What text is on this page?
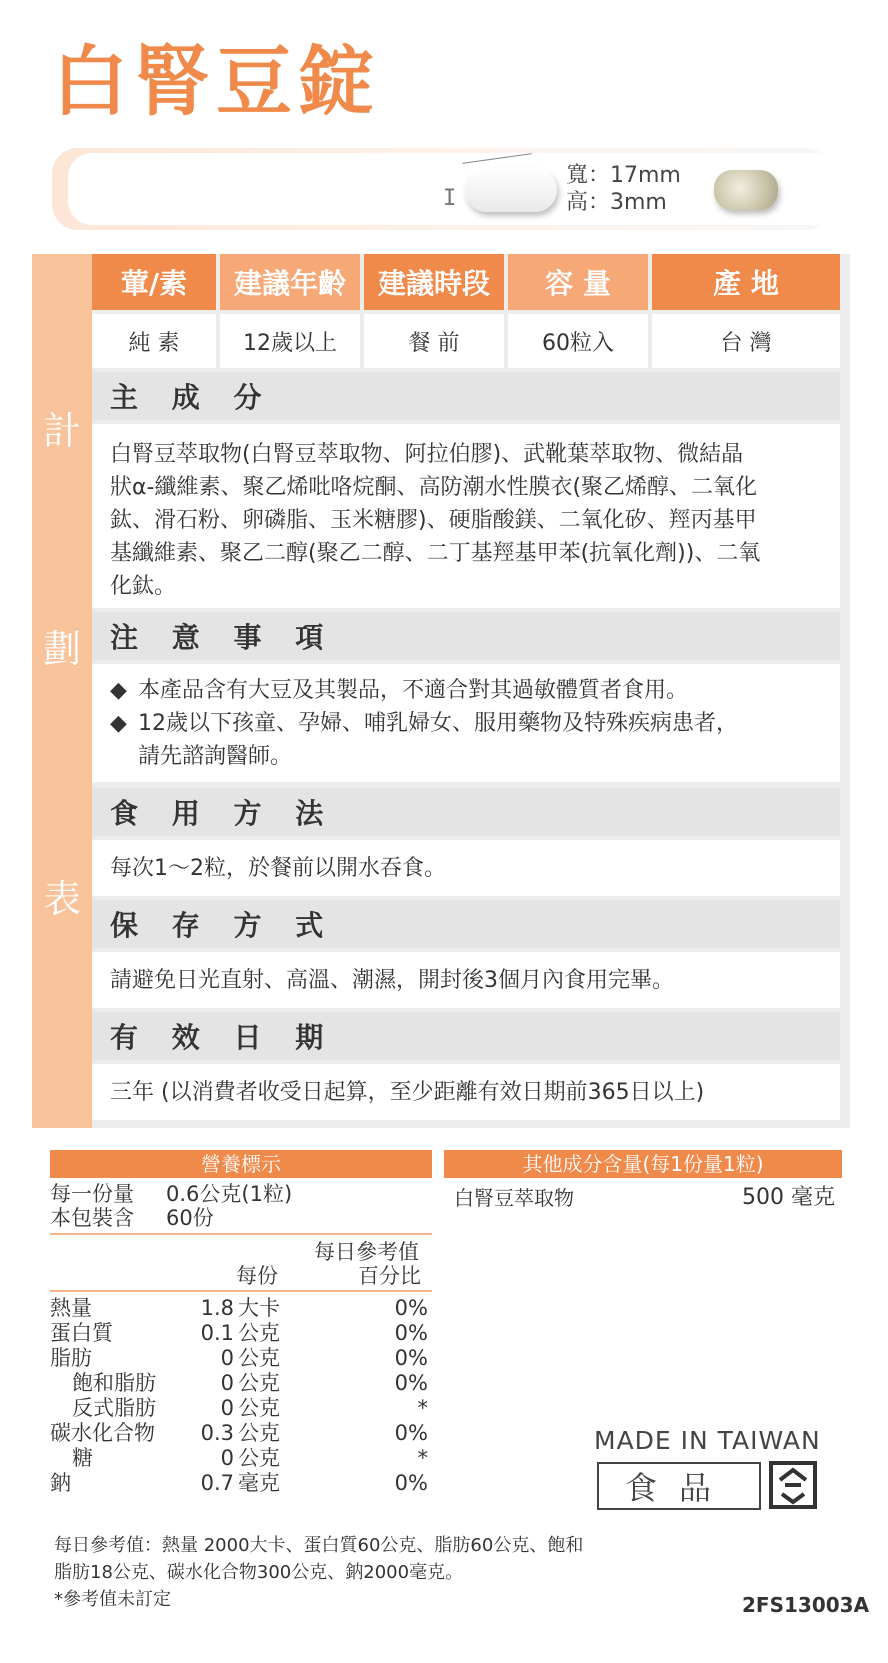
白腎豆錠
I
寬：17mm
高：3mm
計
劃
表
葷/素	建議年齡	建議時段	容 量	產 地
純 素	12歲以上	餐 前	60粒入	台 灣
主 成 分
白腎豆萃取物(白腎豆萃取物、阿拉伯膠)、武靴葉萃取物、微結晶
狀α-纖維素、聚乙烯吡咯烷酮、高防潮水性膜衣(聚乙烯醇、二氧化
鈦、滑石粉、卵磷脂、玉米糖膠)、硬脂酸鎂、二氧化矽、羥丙基甲
基纖維素、聚乙二醇(聚乙二醇、二丁基羥基甲苯(抗氧化劑))、二氧
化鈦。
注 意 事 項
◆ 本產品含有大豆及其製品，不適合對其過敏體質者食用。
◆ 12歲以下孩童、孕婦、哺乳婦女、服用藥物及特殊疾病患者，
請先諮詢醫師。
食 用 方 法
每次1～2粒，於餐前以開水吞食。
保 存 方 式
請避免日光直射、高溫、潮濕，開封後3個月內食用完畢。
有 效 日 期
三年 (以消費者收受日起算，至少距離有效日期前365日以上)
營養標示
每一份量 0.6公克(1粒)
本包裝含 60份
每日參考值
每份	百分比
熱量	1.8 大卡	0%
蛋白質	0.1 公克	0%
脂肪	0 公克	0%
飽和脂肪	0 公克	0%
反式脂肪	0 公克	*
碳水化合物	0.3 公克	0%
糖	0 公克	*
鈉	0.7 毫克	0%
其他成分含量(每1份量1粒)
白腎豆萃取物	500 毫克
MADE IN TAIWAN
食品
每日參考值：熱量 2000大卡、蛋白質60公克、脂肪60公克、飽和
脂肪18公克、碳水化合物300公克、鈉2000毫克。
*參考值未訂定	2FS13003A
